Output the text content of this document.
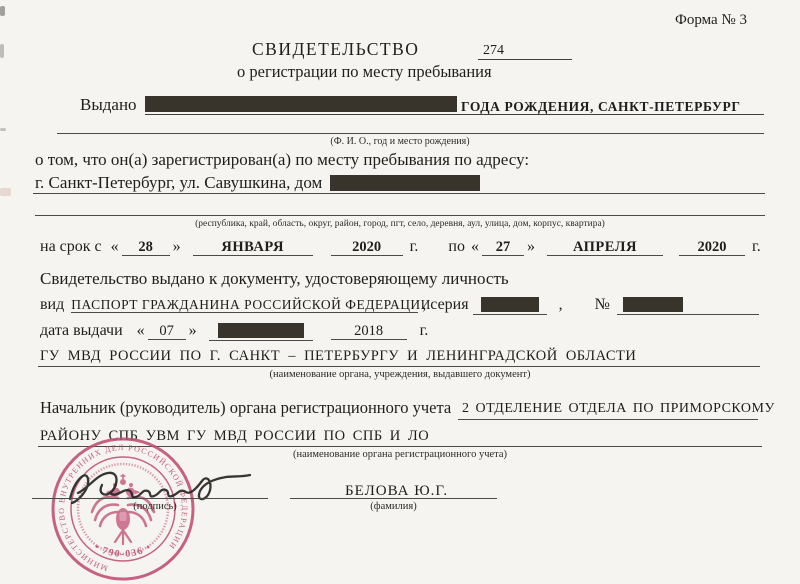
Форма № 3
СВИДЕТЕЛЬСТВО	274
о регистрации по месту пребывания
Выдано	ГОДА РОЖДЕНИЯ, САНКТ-ПЕТЕРБУРГ
(Ф. И. О., год и место рождения)
о том, что он(а) зарегистрирован(а) по месту пребывания по адресу:
г. Санкт-Петербург, ул. Савушкина, дом
(республика, край, область, округ, район, город, пгт, село, деревня, аул, улица, дом, корпус, квартира)
на срок с «	28	»	ЯНВАРЯ	2020	г. по «	27	»	АПРЕЛЯ	2020	г.
Свидетельство выдано к документу, удостоверяющему личность
вид ПАСПОРТ ГРАЖДАНИНА РОССИЙСКОЙ ФЕДЕРАЦИИ
, серия	, №
дата выдачи «	07 »	2018	г.
ГУ МВД РОССИИ ПО Г. САНКТ – ПЕТЕРБУРГУ И ЛЕНИНГРАДСКОЙ ОБЛАСТИ
(наименование органа, учреждения, выдавшего документ)
Начальник (руководитель) органа регистрационного учета 2 ОТДЕЛЕНИЕ ОТДЕЛА ПО ПРИМОРСКОМУ
РАЙОНУ СПБ УВМ ГУ МВД РОССИИ ПО СПБ И ЛО
(наименование органа регистрационного учета)
МИНИСТЕРСТВО ВНУТРЕННИХ ДЕЛ РОССИЙСКОЙ ФЕДЕРАЦИИ
• 790-036 •
(подпись)
БЕЛОВА Ю.Г.
(фамилия)
